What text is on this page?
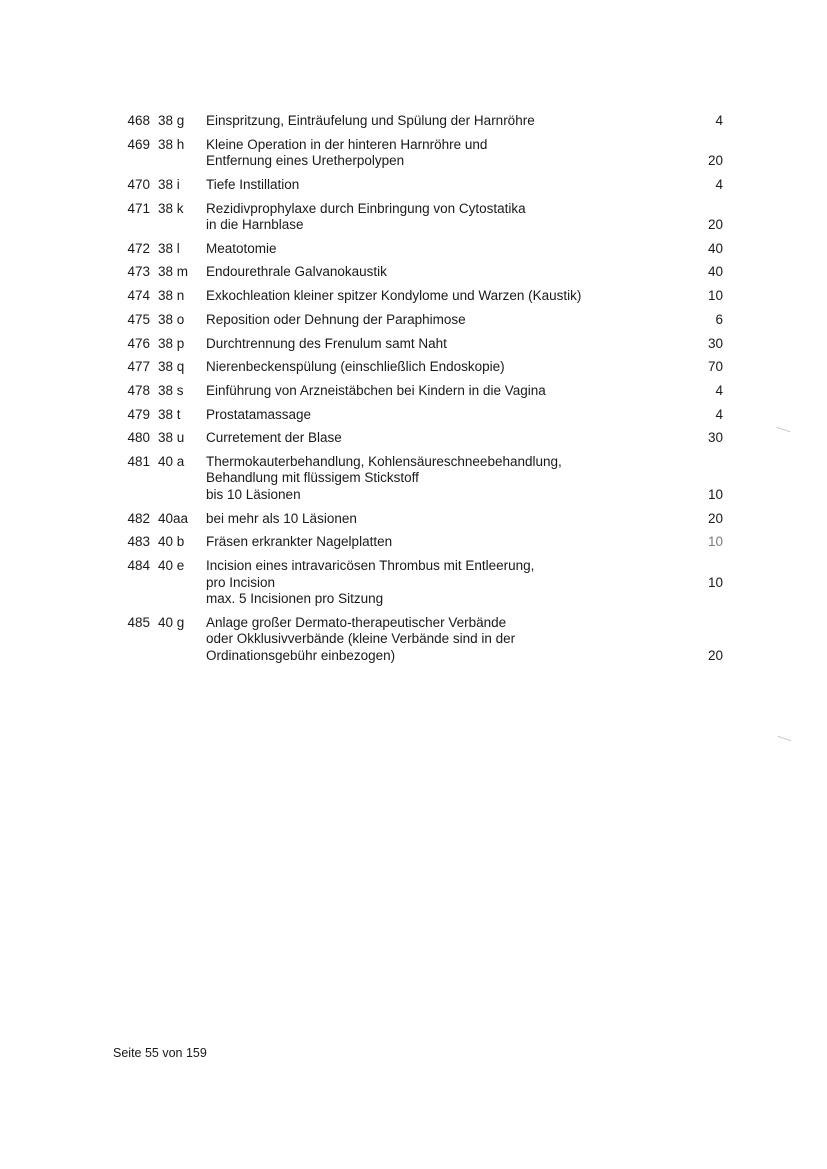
468 38 g	Einspritzung, Einträufelung und Spülung der Harnröhre	4
469 38 h	Kleine Operation in der hinteren Harnröhre und
Entfernung eines Uretherpolypen	20
470 38 i	Tiefe Instillation	4
471 38 k	Rezidivprophylaxe durch Einbringung von Cytostatika
in die Harnblase	20
472 38 l	Meatotomie	40
473 38 m	Endourethrale Galvanokaustik	40
474 38 n	Exkochleation kleiner spitzer Kondylome und Warzen (Kaustik)	10
475 38 o	Reposition oder Dehnung der Paraphimose	6
476 38 p	Durchtrennung des Frenulum samt Naht	30
477 38 q	Nierenbeckenspülung (einschließlich Endoskopie)	70
478 38 s	Einführung von Arzneistäbchen bei Kindern in die Vagina	4
479 38 t	Prostatamassage	4
480 38 u	Curretement der Blase	30
481 40 a	Thermokauterbehandlung, Kohlensäureschneebehandlung,
Behandlung mit flüssigem Stickstoff
bis 10 Läsionen	10
482 40aa	bei mehr als 10 Läsionen	20
483 40 b	Fräsen erkrankter Nagelplatten	10
484 40 e	Incision eines intravaricösen Thrombus mit Entleerung,
pro Incision
max. 5 Incisionen pro Sitzung
10
485 40 g	Anlage großer Dermato-therapeutischer Verbände
oder Okklusivverbände (kleine Verbände sind in der
Ordinationsgebühr einbezogen)	20
Seite 55 von 159
